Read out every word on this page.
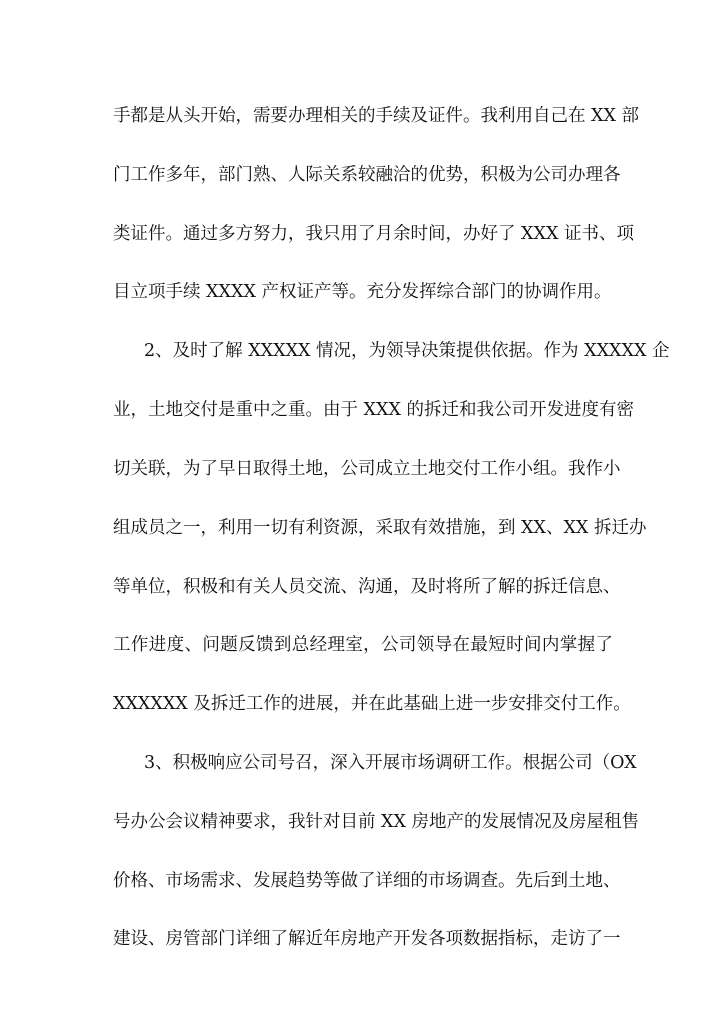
手都是从头开始，需要办理相关的手续及证件。我利用自己在 XX 部
门工作多年，部门熟、人际关系较融洽的优势，积极为公司办理各
类证件。通过多方努力，我只用了月余时间，办好了 XXX 证书、项
目立项手续 XXXX 产权证产等。充分发挥综合部门的协调作用。
2、及时了解 XXXXX 情况，为领导决策提供依据。作为 XXXXX 企
业，土地交付是重中之重。由于 XXX 的拆迁和我公司开发进度有密
切关联，为了早日取得土地，公司成立土地交付工作小组。我作小
组成员之一，利用一切有利资源，采取有效措施，到 XX、XX 拆迁办
等单位，积极和有关人员交流、沟通，及时将所了解的拆迁信息、
工作进度、问题反馈到总经理室，公司领导在最短时间内掌握了
XXXXXX 及拆迁工作的进展，并在此基础上进一步安排交付工作。
3、积极响应公司号召，深入开展市场调研工作。根据公司（OX
号办公会议精神要求，我针对目前 XX 房地产的发展情况及房屋租售
价格、市场需求、发展趋势等做了详细的市场调查。先后到土地、
建设、房管部门详细了解近年房地产开发各项数据指标，走访了一
